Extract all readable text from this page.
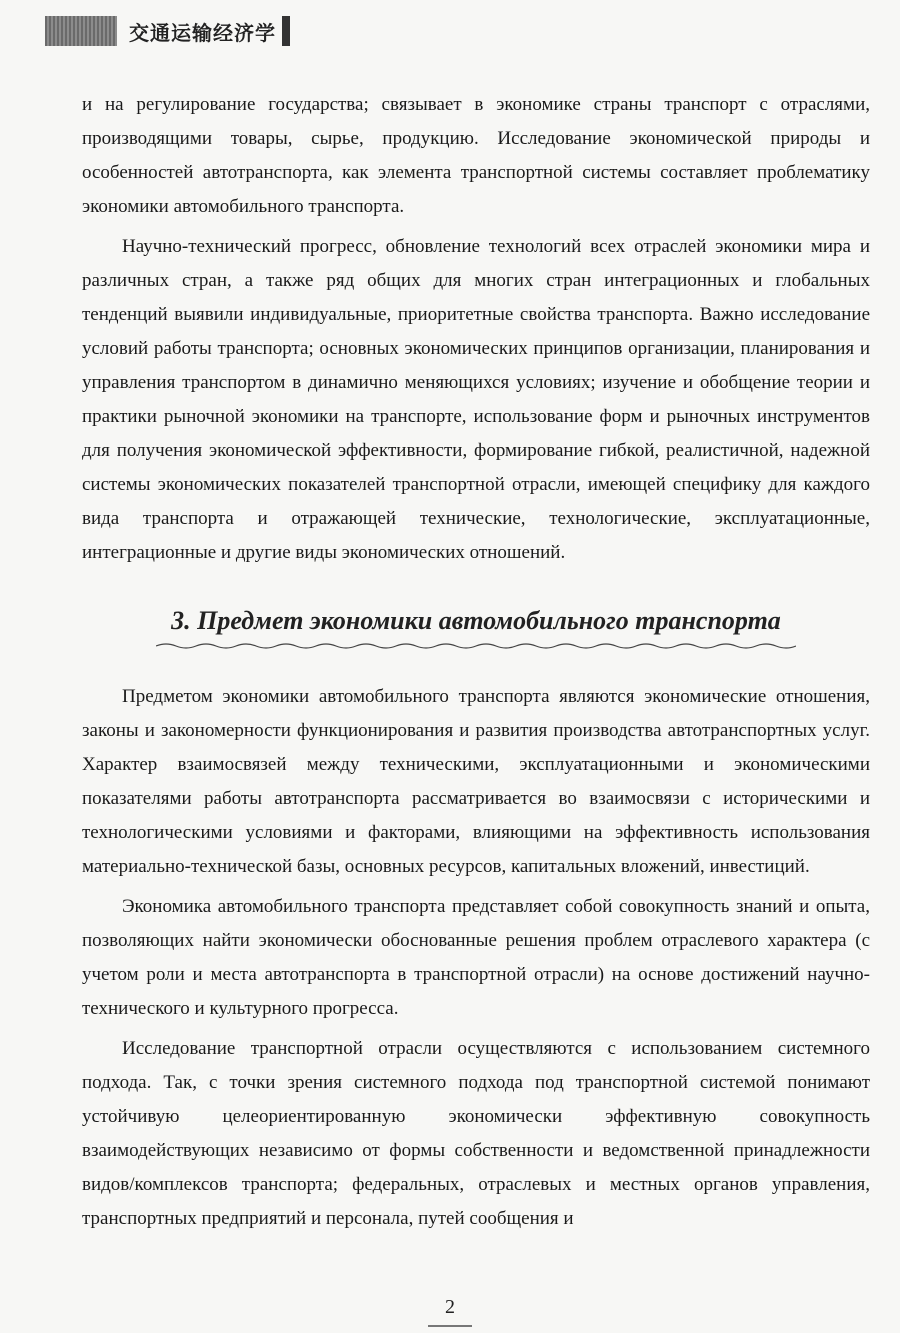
交通运输经济学

и на регулирование государства; связывает в экономике страны транспорт с отраслями, производящими товары, сырье, продукцию. Исследование экономической природы и особенностей автотранспорта, как элемента транспортной системы составляет проблематику экономики автомобильного транспорта.

Научно-технический прогресс, обновление технологий всех отраслей экономики мира и различных стран, а также ряд общих для многих стран интеграционных и глобальных тенденций выявили индивидуальные, приоритетные свойства транспорта. Важно исследование условий работы транспорта; основных экономических принципов организации, планирования и управления транспортом в динамично меняющихся условиях; изучение и обобщение теории и практики рыночной экономики на транспорте, использование форм и рыночных инструментов для получения экономической эффективности, формирование гибкой, реалистичной, надежной системы экономических показателей транспортной отрасли, имеющей специфику для каждого вида транспорта и отражающей технические, технологические, эксплуатационные, интеграционные и другие виды экономических отношений.

3. Предмет экономики автомобильного транспорта

Предметом экономики автомобильного транспорта являются экономические отношения, законы и закономерности функционирования и развития производства автотранспортных услуг. Характер взаимосвязей между техническими, эксплуатационными и экономическими показателями работы автотранспорта рассматривается во взаимосвязи с историческими и технологическими условиями и факторами, влияющими на эффективность использования материально-технической базы, основных ресурсов, капитальных вложений, инвестиций.

Экономика автомобильного транспорта представляет собой совокупность знаний и опыта, позволяющих найти экономически обоснованные решения проблем отраслевого характера (с учетом роли и места автотранспорта в транспортной отрасли) на основе достижений научно-технического и культурного прогресса.

Исследование транспортной отрасли осуществляются с использованием системного подхода. Так, с точки зрения системного подхода под транспортной системой понимают устойчивую целеориентированную экономически эффективную совокупность взаимодействующих независимо от формы собственности и ведомственной принадлежности видов/комплексов транспорта; федеральных, отраслевых и местных органов управления, транспортных предприятий и персонала, путей сообщения и

2
